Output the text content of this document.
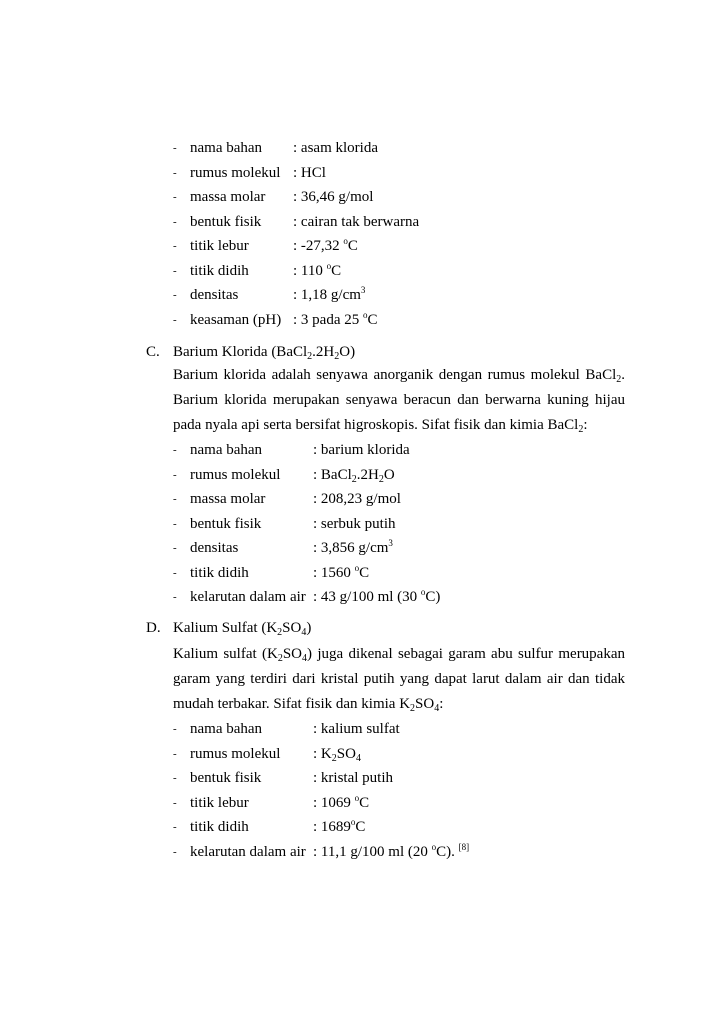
- nama bahan : asam klorida
- rumus molekul : HCl
- massa molar : 36,46 g/mol
- bentuk fisik : cairan tak berwarna
- titik lebur	: -27,32 $^o$C
- titik didih	: 110 $^o$C
- densitas	: 1,18 $g/cm^3$
- keasaman (pH) : 3 pada 25 $^o$C
C. Barium Klorida $(BaCl_2.2H_2O)$
Barium klorida adalah senyawa anorganik dengan rumus molekul BaCl$_2$.
Barium klorida merupakan senyawa beracun dan berwarna kuning hijau
pada nyala api serta bersifat higroskopis. Sifat fisik dan kimia BaCl$_2$:
- nama bahan	: barium klorida
- rumus molekul : $BaCl_2.2H_2O$
- massa molar	: 208,23 g/mol
- bentuk fisik	: serbuk putih
- densitas	: 3,856 $g/cm^3$
- titik didih	: 1560 $^o$C
- kelarutan dalam air : 43 g/100 ml (30 $^o$C)
D. Kalium Sulfat $(K_2SO_4)$
Kalium sulfat $(K_2SO_4)$ juga dikenal sebagai garam abu sulfur merupakan
garam yang terdiri dari kristal putih yang dapat larut dalam air dan tidak
mudah terbakar. Sifat fisik dan kimia $K_2SO_4$:
- nama bahan	: kalium sulfat
- rumus molekul : $K_2SO_4$
- bentuk fisik	: kristal putih
- titik lebur	: 1069 $^o$C
- titik didih	: 1689$^o$C
- kelarutan dalam air : 11,1 g/100 ml (20 $^o$C). [8]
